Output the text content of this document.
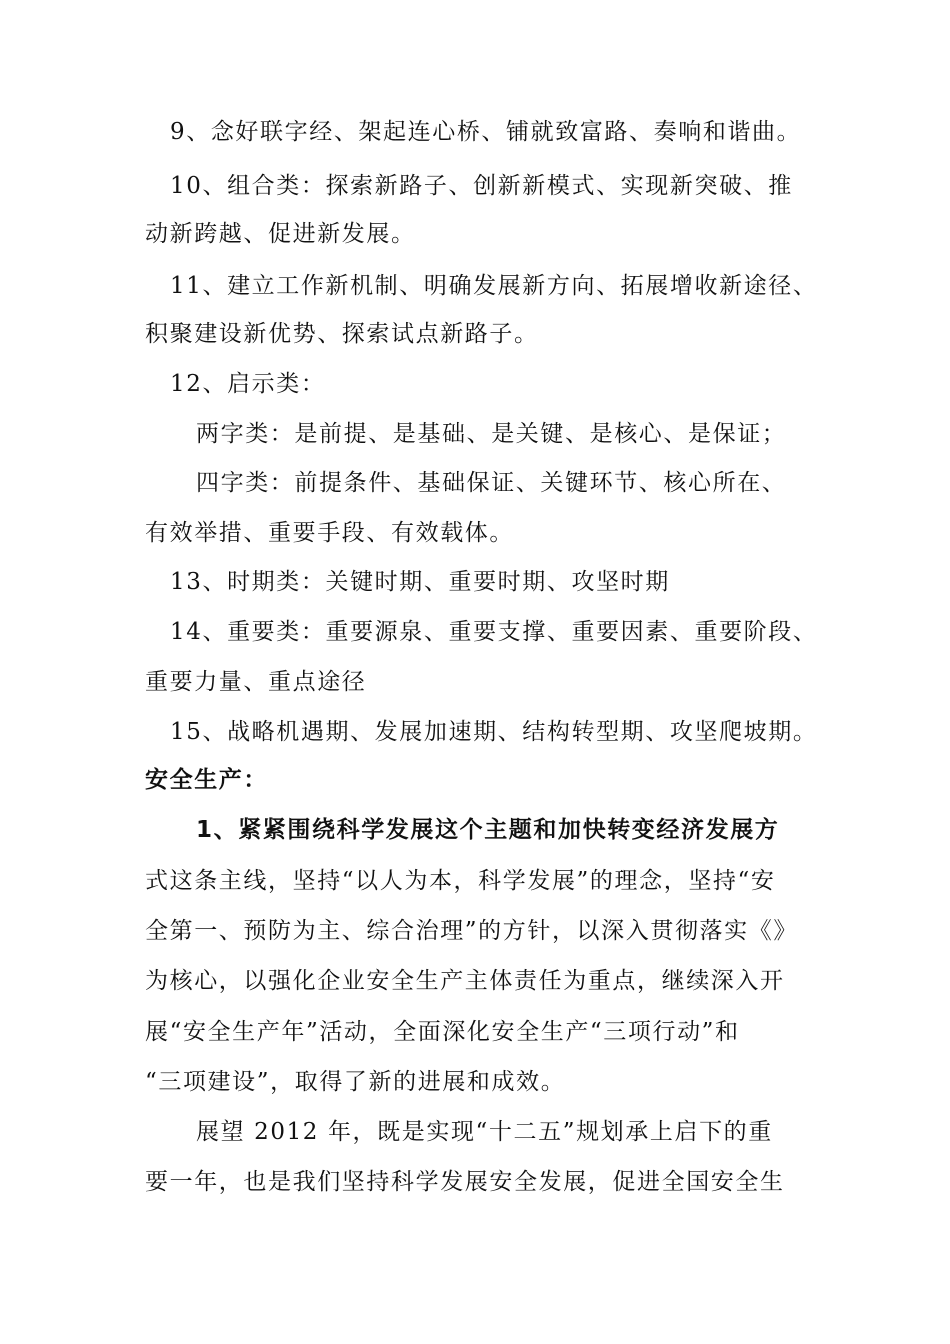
9、念好联字经、架起连心桥、铺就致富路、奏响和谐曲。
10、组合类：探索新路子、创新新模式、实现新突破、推
动新跨越、促进新发展。
11、建立工作新机制、明确发展新方向、拓展增收新途径、
积聚建设新优势、探索试点新路子。
12、启示类：
两字类：是前提、是基础、是关键、是核心、是保证；
四字类：前提条件、基础保证、关键环节、核心所在、
有效举措、重要手段、有效载体。
13、时期类：关键时期、重要时期、攻坚时期
14、重要类：重要源泉、重要支撑、重要因素、重要阶段、
重要力量、重点途径
15、战略机遇期、发展加速期、结构转型期、攻坚爬坡期。
安全生产：
1、紧紧围绕科学发展这个主题和加快转变经济发展方
式这条主线，坚持“以人为本，科学发展”的理念，坚持“安
全第一、预防为主、综合治理”的方针，以深入贯彻落实《》
为核心，以强化企业安全生产主体责任为重点，继续深入开
展“安全生产年”活动，全面深化安全生产“三项行动”和
“三项建设”，取得了新的进展和成效。
展望 2012 年，既是实现“十二五”规划承上启下的重
要一年，也是我们坚持科学发展安全发展，促进全国安全生
